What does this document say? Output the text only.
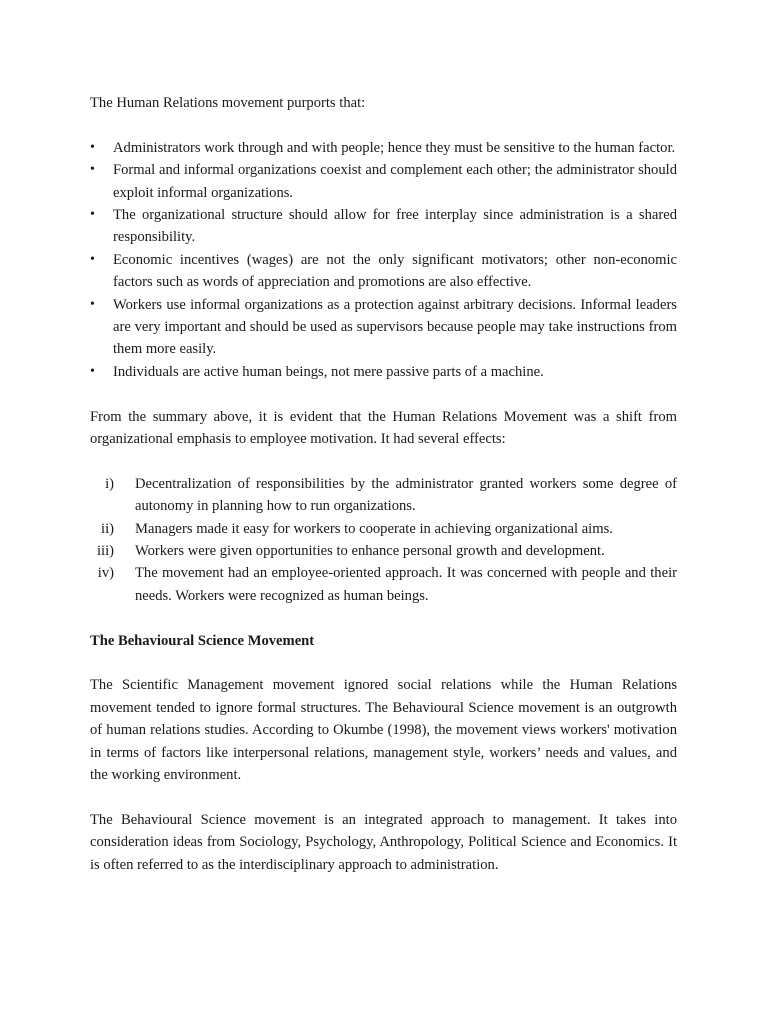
The Human Relations movement purports that:

• Administrators work through and with people; hence they must be sensitive to the human factor.
• Formal and informal organizations coexist and complement each other; the administrator should exploit informal organizations.
• The organizational structure should allow for free interplay since administration is a shared responsibility.
• Economic incentives (wages) are not the only significant motivators; other non-economic factors such as words of appreciation and promotions are also effective.
• Workers use informal organizations as a protection against arbitrary decisions. Informal leaders are very important and should be used as supervisors because people may take instructions from them more easily.
• Individuals are active human beings, not mere passive parts of a machine.

From the summary above, it is evident that the Human Relations Movement was a shift from organizational emphasis to employee motivation. It had several effects:

i) Decentralization of responsibilities by the administrator granted workers some degree of autonomy in planning how to run organizations.
ii) Managers made it easy for workers to cooperate in achieving organizational aims.
iii) Workers were given opportunities to enhance personal growth and development.
iv) The movement had an employee-oriented approach. It was concerned with people and their needs. Workers were recognized as human beings.
The Behavioural Science Movement

The Scientific Management movement ignored social relations while the Human Relations movement tended to ignore formal structures. The Behavioural Science movement is an outgrowth of human relations studies. According to Okumbe (1998), the movement views workers' motivation in terms of factors like interpersonal relations, management style, workers’ needs and values, and the working environment.

The Behavioural Science movement is an integrated approach to management. It takes into consideration ideas from Sociology, Psychology, Anthropology, Political Science and Economics. It is often referred to as the interdisciplinary approach to administration.
